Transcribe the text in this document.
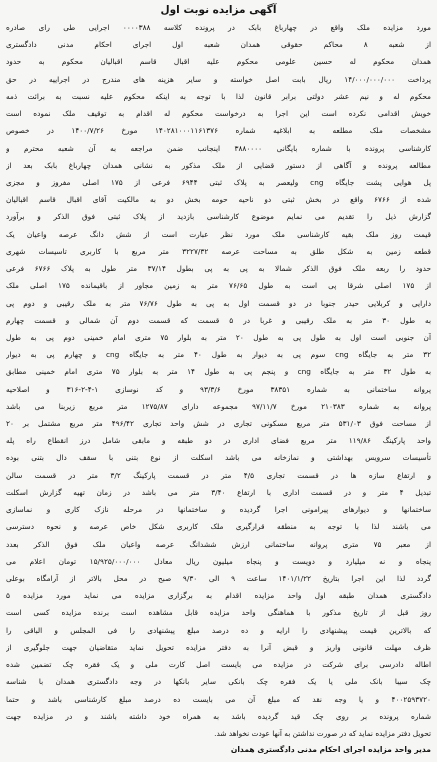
آگهی مزایده نوبت اول
مورد مزایده ملک واقع در چهارباغ بابک در پرونده کلاسه ۰۰۰۰۳۸۸ اجرایی طی رای صادره
از شعبه ۸ محاکم حقوقی همدان شعبه اول اجرای احکام مدنی دادگستری
همدان محکوم له حسین علومی محکوم علیه اقبال قاسم اقبالیان محکوم به حدود
پرداخت ۱۴/۰۰۰/۰۰۰/۰۰۰ ریال بابت اصل خواسته و سایر هزینه های مندرج در اجراییه در حق
محکوم له و نیم عشر دولتی برابر قانون لذا با توجه به اینکه محکوم علیه نسبت به برائت ذمه
خویش اقدامی نکرده است این اجرا به درخواست محکوم له اقدام به توقیف ملک نموده است
مشخصات ملک مطلعه به ابلاغیه شماره ۱۴۰۲۸۱۰۰۰۱۱۶۱۳۷۶ مورخ ۱۴۰۰/۷/۲۶ در خصوص
کارشناسی پرونده با شماره بایگانی ۳۸۸۰۰۰۰ اینجانب ضمن مراجعه به آن شعبه محترم و
مطالعه پرونده و آگاهی از دستور قضایی از ملک مذکور به نشانی همدان چهارباغ بابک بعد از
پل هوایی پشت جایگاه cng ولیعصر به پلاک ثبتی ۶۹۴۴ فرعی از ۱۷۵ اصلی مفروز و مجزی
شده از ۶۷۶۶ واقع در بخش ثبتی دو ناحیه حومه بخش دو به مالکیت آقای اقبال قاسم اقبالیان
گزارش ذیل را تقدیم می نمایم موضوع کارشناسی بازدید از پلاک ثبتی فوق الذکر و برآورد
قیمت روز ملک بقیه کارشناسی ملک مورد نظر عبارت است از شش دانگ عرصه واعیان یک
قطعه زمین به شکل طلق به مساحت عرصه ۳۲۲۷/۳۲ متر مربع با کاربری تاسیسات شهری
حدود را ربعه ملک فوق الذکر شمالا به پی به پی بطول ۳۷/۱۴ متر طول به پلاک ۶۷۶۶ فرعی
از ۱۷۵ اصلی شرقا پی است به طول ۷۶/۶۵ متر به زمین مجاور از باقیمانده ۱۷۵ اصلی ملک
دارایی و کربلایی حیدر جنوبا در دو قسمت اول به پی به طول ۷۶/۷۶ متر به ملک رقیبی و دوم پی
به طول ۳۰ متر به ملک رقیبی و غربا در ۵ قسمت که قسمت دوم آن شمالی و قسمت چهارم
آن جنوبی است اول به طول پی به طول ۲۰ متر به بلوار ۷۵ متری امام خمینی دوم پی به طول
۳۲ متر به جایگاه cng سوم پی به دیوار به طول ۴۰ متر به جایگاه cng و چهارم پی به دیوار
به طول ۳۲ متر به جایگاه cng و پنجم پی به طول ۱۴ متر به بلوار ۷۵ متری امام خمینی مطابق
پروانه ساختمانی به شماره ۳۸۳۵۱ مورخ ۹۳/۳/۶ و کد نوسازی ۱-۴-۲-۳۱۶ و اصلاحیه
پروانه به شماره ۲۱۰۳۸۳ مورخ ۹۷/۱۱/۷ مجموعه دارای ۱۲۷۵/۸۷ متر مربع زیربنا می باشد
از مساحت فوق ۵۳۱/۰۳ متر مربع مسکونی تجاری در شش واحد تجاری ۴۹۶/۴۲ متر مربع مشتمل بر ۲۰
واحد پارکینگ ۱۱۹/۸۶ متر مربع فضای اداری در دو طبقه و مابقی شامل درز انقطاع راه پله
تأسیسات سرویس بهداشتی و نمازخانه می باشد اسکلت از نوع بتنی با سقف دال بتنی بوده
و ارتفاع سازه ها در قسمت تجاری ۴/۵ متر در قسمت پارکینگ ۳/۲ متر در قسمت سالن
تبدیل ۴ متر و در قسمت اداری با ارتفاع ۳/۴۰ متر می باشد در زمان تهیه گزارش اسکلت
ساختمانها و دیوارهای پیرامونی اجرا گردیده و ساختمانها در مرحله نازک کاری و نماسازی
می باشند لذا با توجه به منطقه قرارگیری ملک کاربری شکل خاص عرصه و نحوه دسترسی
از معبر ۷۵ متری پروانه ساختمانی ارزش ششدانگ عرصه واعیان ملک فوق الذکر بعدد
پنجاه و نه میلیارد و دویست و پنجاه میلیون ریال معادل ۱۵/۹۲۵/۰۰۰/۰۰۰ تومان اعلام می
گردد لذا این اجرا بتاریخ ۱۴۰۱/۱/۲۲ ساعت ۹ الی ۹/۳۰ صبح در محل بالاتر از آرامگاه بوعلی
دادگستری همدان طبقه اول واحد مزایده اقدام به برگزاری مزایده می نماید مورد مزایده ۵
روز قبل از تاریخ مذکور با هماهنگی واحد مزایده قابل مشاهده است برنده مزایده کسی است
که بالاترین قیمت پیشنهادی را ارایه و ده درصد مبلغ پیشنهادی را فی المجلس و الباقی را
ظرف مهلت قانونی واریز و قبض آنرا به دفتر مزایده تحویل نماید متقاضیان جهت جلوگیری از
اطاله دادرسی برای شرکت در مزایده می بایست اصل کارت ملی و یک فقره چک تضمین شده
چک سیبا بانک ملی یا یک فقره چک بانکی سایر بانکها در وجه دادگستری همدان با شناسه
۴۰۰۲۵۹۳۷۲۰ و یا وجه نقد که مبلغ آن می بایست ده درصد مبلغ کارشناسی باشد و حتما
شماره پرونده بر روی چک قید گردیده باشد به همراه خود داشته باشند و در مزایده جهت
تحویل دفتر مزایده نماید که در صورت نداشتن به آنها عودت نخواهد شد.
مدیر واحد مزایده اجرای احکام مدنی دادگستری همدان
